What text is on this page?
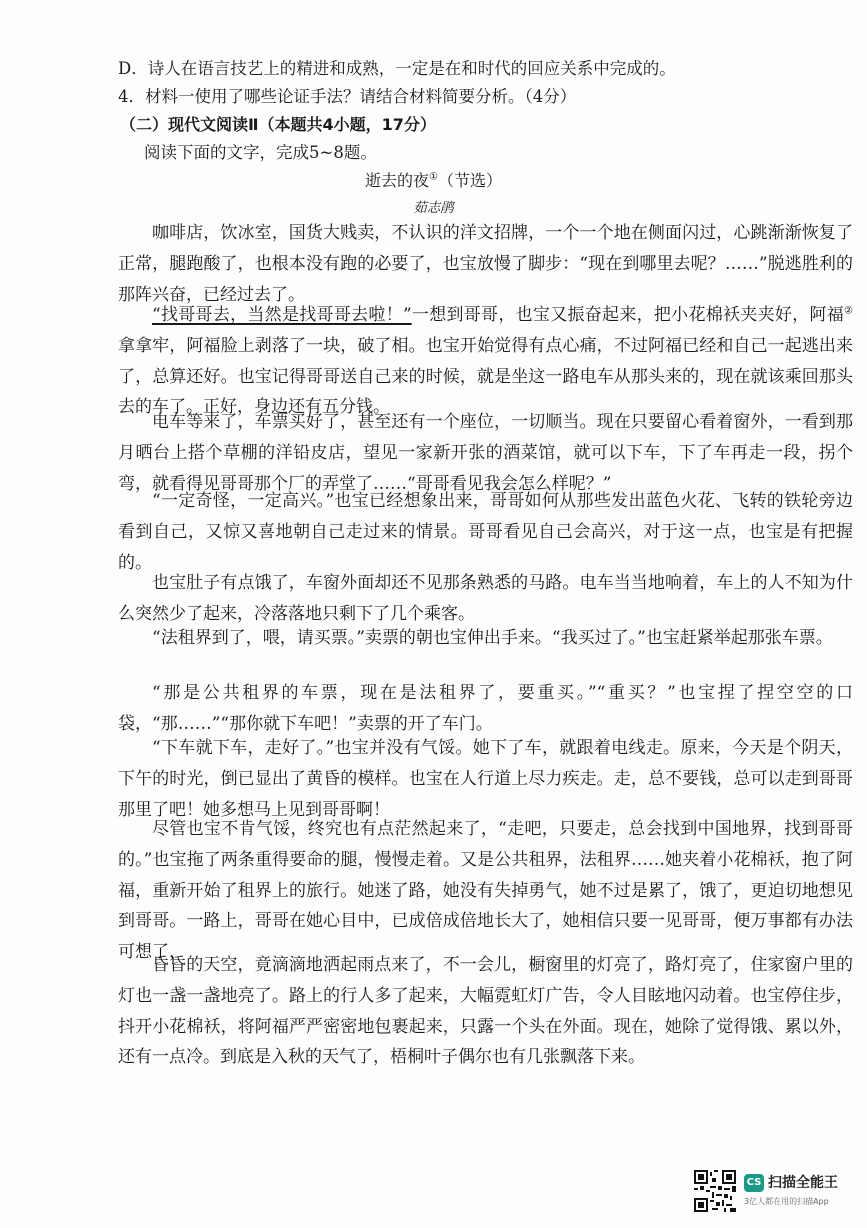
D．诗人在语言技艺上的精进和成熟，一定是在和时代的回应关系中完成的。
4．材料一使用了哪些论证手法？请结合材料简要分析。（4分）
（二）现代文阅读Ⅱ（本题共4小题，17分）
阅读下面的文字，完成5~8题。
逝去的夜①（节选）
茹志鹃
咖啡店，饮冰室，国货大贱卖，不认识的洋文招牌，一个一个地在侧面闪过，心跳渐渐恢复了正常，腿跑酸了，也根本没有跑的必要了，也宝放慢了脚步：“现在到哪里去呢？……”脱逃胜利的那阵兴奋，已经过去了。
“找哥哥去，当然是找哥哥去啦！”一想到哥哥，也宝又振奋起来，把小花棉袄夹夹好，阿福②拿拿牢，阿福脸上剥落了一块，破了相。也宝开始觉得有点心痛，不过阿福已经和自己一起逃出来了，总算还好。也宝记得哥哥送自己来的时候，就是坐这一路电车从那头来的，现在就该乘回那头去的车了。正好，身边还有五分钱。
电车等来了，车票买好了，甚至还有一个座位，一切顺当。现在只要留心看着窗外，一看到那月晒台上搭个草棚的洋铅皮店，望见一家新开张的酒菜馆，就可以下车，下了车再走一段，拐个弯，就看得见哥哥那个厂的弄堂了……“哥哥看见我会怎么样呢？”
“一定奇怪，一定高兴。”也宝已经想象出来，哥哥如何从那些发出蓝色火花、飞转的铁轮旁边看到自己，又惊又喜地朝自己走过来的情景。哥哥看见自己会高兴，对于这一点，也宝是有把握的。
也宝肚子有点饿了，车窗外面却还不见那条熟悉的马路。电车当当地响着，车上的人不知为什么突然少了起来，冷落落地只剩下了几个乘客。
“法租界到了，喂，请买票。”卖票的朝也宝伸出手来。“我买过了。”也宝赶紧举起那张车票。
“那是公共租界的车票，现在是法租界了，要重买。”“重买？”也宝捏了捏空空的口袋，“那……”“那你就下车吧！”卖票的开了车门。
“下车就下车，走好了。”也宝并没有气馁。她下了车，就跟着电线走。原来，今天是个阴天，下午的时光，倒已显出了黄昏的模样。也宝在人行道上尽力疾走。走，总不要钱，总可以走到哥哥那里了吧！她多想马上见到哥哥啊！
尽管也宝不肯气馁，终究也有点茫然起来了，“走吧，只要走，总会找到中国地界，找到哥哥的。”也宝拖了两条重得要命的腿，慢慢走着。又是公共租界，法租界……她夹着小花棉袄，抱了阿福，重新开始了租界上的旅行。她迷了路，她没有失掉勇气，她不过是累了，饿了，更迫切地想见到哥哥。一路上，哥哥在她心目中，已成倍成倍地长大了，她相信只要一见哥哥，便万事都有办法可想了，
昏昏的天空，竟滴滴地洒起雨点来了，不一会儿，橱窗里的灯亮了，路灯亮了，住家窗户里的灯也一盏一盏地亮了。路上的行人多了起来，大幅霓虹灯广告，令人目眩地闪动着。也宝停住步，抖开小花棉袄，将阿福严严密密地包裹起来，只露一个头在外面。现在，她除了觉得饿、累以外，还有一点冷。到底是入秋的天气了，梧桐叶子偶尔也有几张飘落下来。
CS 扫描全能王
3亿人都在用的扫描App
